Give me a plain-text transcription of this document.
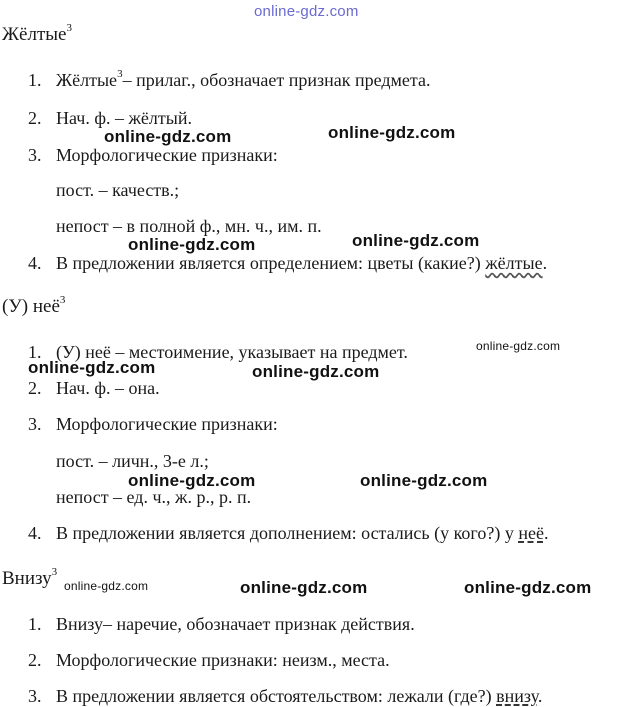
online-gdz.com
Жёлтые$^3$
1. Жёлтые$^3$– прилаг., обозначает признак предмета.
2. Нач. ф. – жёлтый.
online-gdz.com	online-gdz.com
3. Морфологические признаки:
пост. – качеств.;
непост – в полной ф., мн. ч., им. п.
online-gdz.com	online-gdz.com
4. В предложении является определением: цветы (какие?) жёлтые.
(У) неё$^3$
1. (У) неё – местоимение, указывает на предмет.	online-gdz.com
online-gdz.com	online-gdz.com
2. Нач. ф. – она.
3. Морфологические признаки:
пост. – личн., 3-е л.;
online-gdz.com	online-gdz.com
непост – ед. ч., ж. р., р. п.
4. В предложении является дополнением: остались (у кого?) у неё.
Внизу$^3$
online-gdz.com	online-gdz.com	online-gdz.com
1. Внизу– наречие, обозначает признак действия.
2. Морфологические признаки: неизм., места.
3. В предложении является обстоятельством: лежали (где?) внизу.
